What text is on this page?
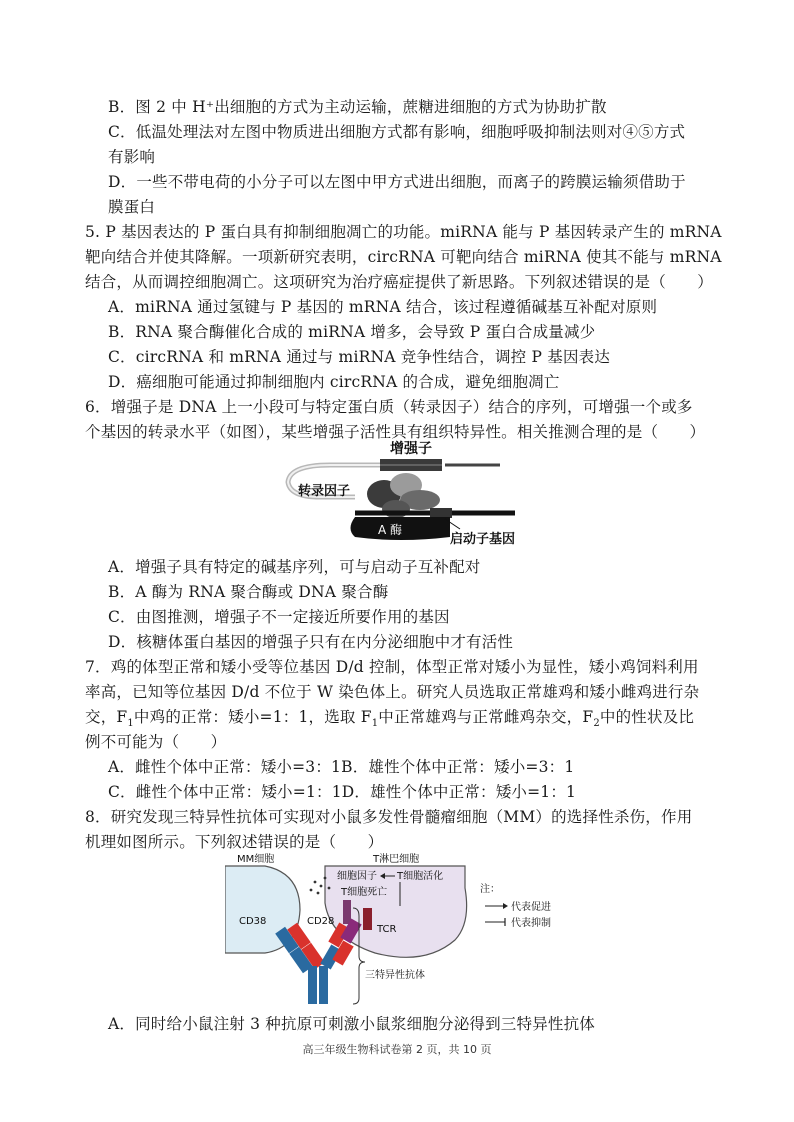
B．图 2 中 H⁺出细胞的方式为主动运输，蔗糖进细胞的方式为协助扩散
C．低温处理法对左图中物质进出细胞方式都有影响，细胞呼吸抑制法则对④⑤方式
有影响
D．一些不带电荷的小分子可以左图中甲方式进出细胞，而离子的跨膜运输须借助于
膜蛋白
5. P 基因表达的 P 蛋白具有抑制细胞凋亡的功能。miRNA 能与 P 基因转录产生的 mRNA
靶向结合并使其降解。一项新研究表明，circRNA 可靶向结合 miRNA 使其不能与 mRNA
结合，从而调控细胞凋亡。这项研究为治疗癌症提供了新思路。下列叙述错误的是（　　）
A．miRNA 通过氢键与 P 基因的 mRNA 结合，该过程遵循碱基互补配对原则
B．RNA 聚合酶催化合成的 miRNA 增多，会导致 P 蛋白合成量减少
C．circRNA 和 mRNA 通过与 miRNA 竞争性结合，调控 P 基因表达
D．癌细胞可能通过抑制细胞内 circRNA 的合成，避免细胞凋亡
6．增强子是 DNA 上一小段可与特定蛋白质（转录因子）结合的序列，可增强一个或多
个基因的转录水平（如图），某些增强子活性具有组织特异性。相关推测合理的是（　　）
增强子
转录因子
A 酶
启动子基因
A．增强子具有特定的碱基序列，可与启动子互补配对
B．A 酶为 RNA 聚合酶或 DNA 聚合酶
C．由图推测，增强子不一定接近所要作用的基因
D．核糖体蛋白基因的增强子只有在内分泌细胞中才有活性
7．鸡的体型正常和矮小受等位基因 D/d 控制，体型正常对矮小为显性，矮小鸡饲料利用
率高，已知等位基因 D/d 不位于 W 染色体上。研究人员选取正常雄鸡和矮小雌鸡进行杂
交，$F_1$中鸡的正常：矮小=1：1，选取 $F_1$中正常雄鸡与正常雌鸡杂交，$F_2$中的性状及比
例不可能为（　　）
A．雌性个体中正常：矮小=3：1B．雄性个体中正常：矮小=3：1
C．雌性个体中正常：矮小=1：1D．雄性个体中正常：矮小=1：1
8．研究发现三特异性抗体可实现对小鼠多发性骨髓瘤细胞（MM）的选择性杀伤，作用
机理如图所示。下列叙述错误的是（　　）
MM细胞
CD38
T淋巴细胞
细胞因子 T细胞活化
T细胞死亡
CD28
TCR
三特异性抗体
注：
代表促进
代表抑制
A．同时给小鼠注射 3 种抗原可刺激小鼠浆细胞分泌得到三特异性抗体
高三年级生物科试卷第 2 页，共 10 页
